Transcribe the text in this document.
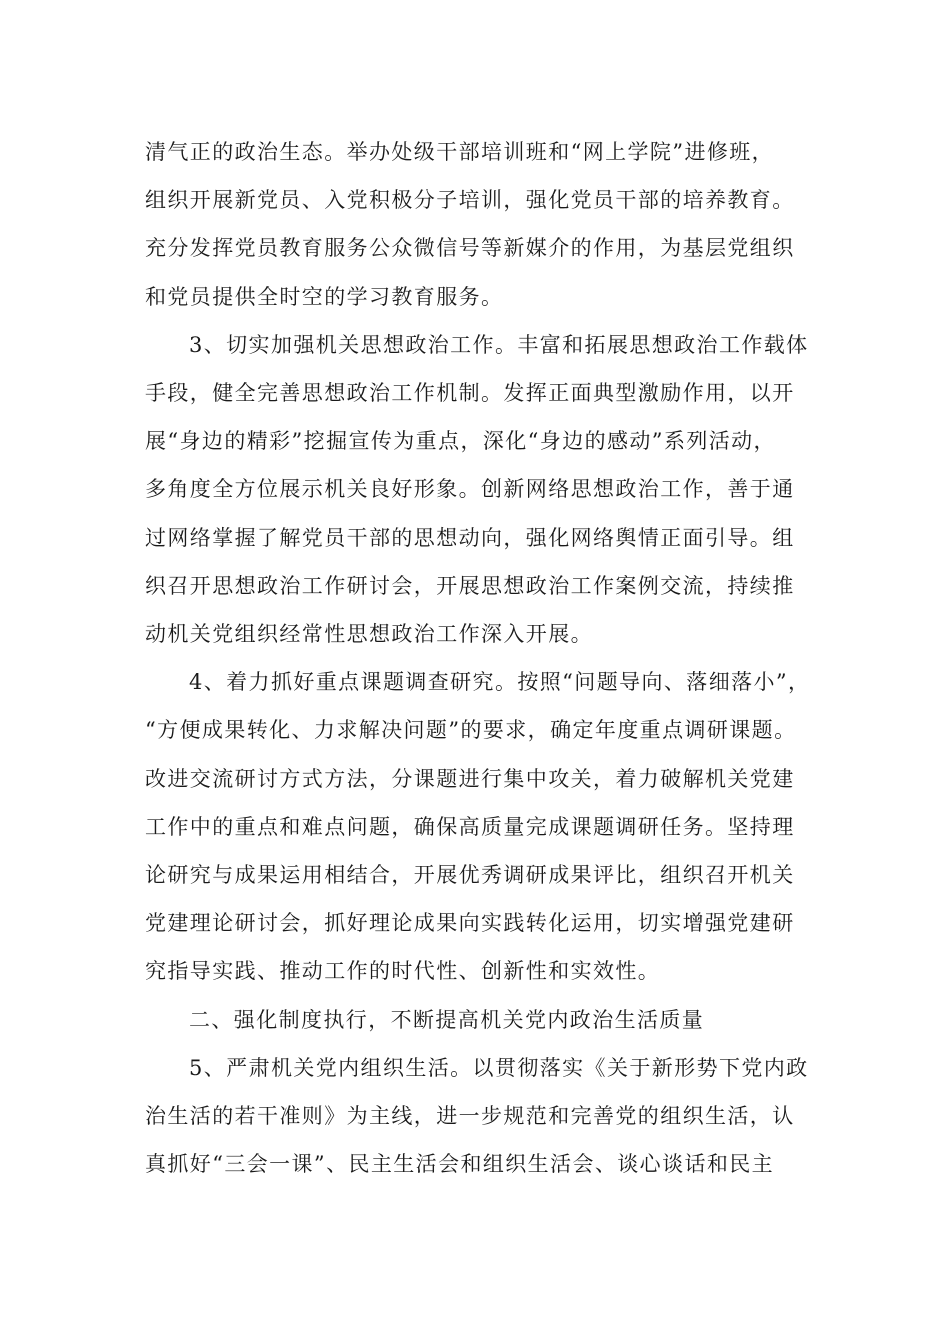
清气正的政治生态。举办处级干部培训班和“网上学院”进修班，
组织开展新党员、入党积极分子培训，强化党员干部的培养教育。
充分发挥党员教育服务公众微信号等新媒介的作用，为基层党组织
和党员提供全时空的学习教育服务。
3、切实加强机关思想政治工作。丰富和拓展思想政治工作载体
手段，健全完善思想政治工作机制。发挥正面典型激励作用，以开
展“身边的精彩”挖掘宣传为重点，深化“身边的感动”系列活动，
多角度全方位展示机关良好形象。创新网络思想政治工作，善于通
过网络掌握了解党员干部的思想动向，强化网络舆情正面引导。组
织召开思想政治工作研讨会，开展思想政治工作案例交流，持续推
动机关党组织经常性思想政治工作深入开展。
4、着力抓好重点课题调查研究。按照“问题导向、落细落小”，
“方便成果转化、力求解决问题”的要求，确定年度重点调研课题。
改进交流研讨方式方法，分课题进行集中攻关，着力破解机关党建
工作中的重点和难点问题，确保高质量完成课题调研任务。坚持理
论研究与成果运用相结合，开展优秀调研成果评比，组织召开机关
党建理论研讨会，抓好理论成果向实践转化运用，切实增强党建研
究指导实践、推动工作的时代性、创新性和实效性。
二、强化制度执行，不断提高机关党内政治生活质量
5、严肃机关党内组织生活。以贯彻落实《关于新形势下党内政
治生活的若干准则》为主线，进一步规范和完善党的组织生活，认
真抓好“三会一课”、民主生活会和组织生活会、谈心谈话和民主
